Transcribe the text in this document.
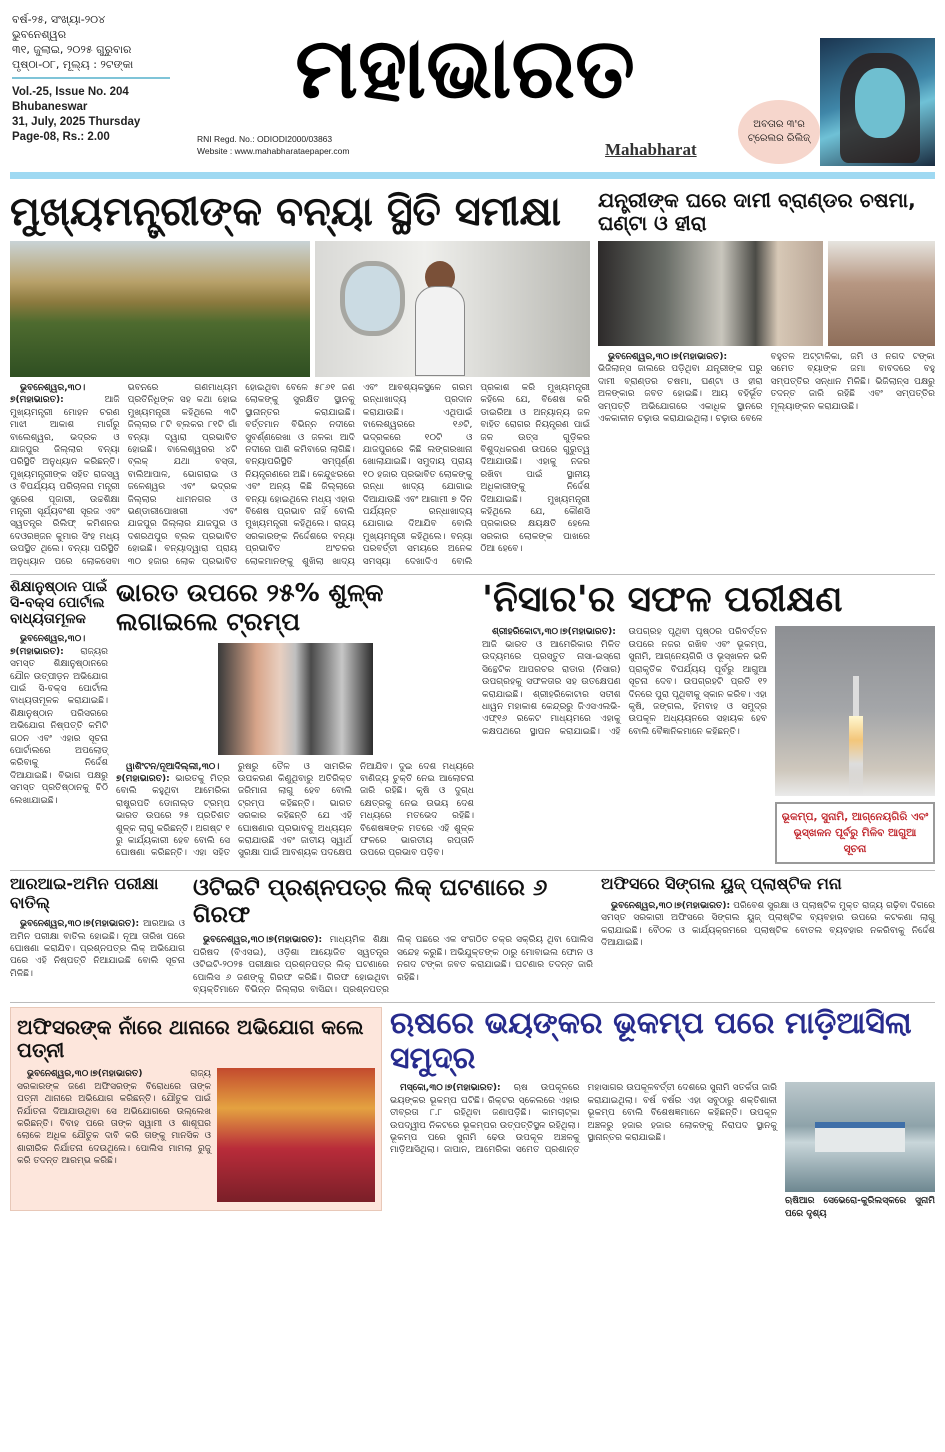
ବର୍ଷ-୨୫, ସଂଖ୍ୟା-୨୦୪
ଭୁବନେଶ୍ୱର
୩୧, ଜୁଲାଇ, ୨୦୨୫ ଗୁରୁବାର
ପୃଷ୍ଠା-୦୮, ମୂଲ୍ୟ : ୨ଟଙ୍କା
Vol.-25, Issue No. 204
Bhubaneswar
31, July, 2025 Thursday
Page-08, Rs.: 2.00
ମହାଭାରତ
RNI Regd. No.: ODIODI2000/03863
Website : www.mahabharataepaper.com	Mahabharat
ଅବତାର ୩'ର ଟ୍ରେଲର ରିଲିଜ୍
ମୁଖ୍ୟମନ୍ତ୍ରୀଙ୍କ ବନ୍ୟା ସ୍ଥିତି ସମୀକ୍ଷା

ଭୁବନେଶ୍ୱର,୩୦।୭(ମହାଭାରତ):	ଆଜି ମୁଖ୍ୟମନ୍ତ୍ରୀ ମୋହନ ଚରଣ ମାଝୀ ଆକାଶ ମାର୍ଗରୁ ବାଲେଶ୍ୱର, ଭଦ୍ରକ ଓ ଯାଜପୁର ଜିଲ୍ଲାର ବନ୍ୟା ପରିସ୍ଥିତି ଅନୁଧ୍ୟାନ କରିଛନ୍ତି। ମୁଖ୍ୟମନ୍ତ୍ରୀଙ୍କ ସହିତ ରାଜସ୍ୱ ଓ ବିପର୍ଯ୍ୟୟ ପରିଚାଳନା ମନ୍ତ୍ରୀ ସୁରେଶ ପୂଜାରୀ, ଉଚ୍ଚଶିକ୍ଷା ମନ୍ତ୍ରୀ ସୂର୍ଯ୍ୟବଂଶୀ ସୂରଜ ଏବଂ ସ୍ୱତନ୍ତ୍ର ରିଲିଫ୍ କମିଶନର ଦେଓରଞ୍ଜନ କୁମାର ସିଂହ ମଧ୍ୟ ଉପସ୍ଥିତ ଥିଲେ। ବନ୍ୟା ପରିସ୍ଥିତି ଅନୁଧ୍ୟାନ ପରେ ଲୋକସେବା ଭବନରେ ଗଣମାଧ୍ୟମ ପ୍ରତିନିଧିଙ୍କ ସହ କଥା ହୋଇ ମୁଖ୍ୟମନ୍ତ୍ରୀ କହିଥିଲେ ୩ଟି ଜିଲ୍ଲାର ୮ଟି ବ୍ଲକର ୮୧ଟି ଗାଁ ବନ୍ୟା ଦ୍ୱାରା ପ୍ରଭାବିତ ହୋଇଛି। ବାଲେଶ୍ୱରର ୪ଟି ବ୍ଲକ୍ ଯଥା ବସ୍ତା, ବାଲିଆପାଳ, ଭୋଗରାଇ ଓ ଜଳେଶ୍ୱର ଏବଂ ଭଦ୍ରକ ଜିଲ୍ଲାର ଧାମନଗର ଓ ଭଣ୍ଡାରୀପୋଖରୀ ଏବଂ ଯାଜପୁର ଜିଲ୍ଲାର ଯାଜପୁର ଓ ଦଶରଥପୁର ବ୍ଲକ ପ୍ରଭାବିତ ହୋଇଛି। ବନ୍ୟାଦ୍ୱାରା ପ୍ରାୟ ୩୦ ହଜାର ଲୋକ ପ୍ରଭାବିତ ହୋଇଥିବା ବେଳେ ୫୮୬୧ ଜଣ ଲୋକଙ୍କୁ ସୁରକ୍ଷିତ ସ୍ଥାନକୁ ସ୍ଥାନାନ୍ତର କରାଯାଇଛି। ବର୍ତ୍ତମାନ ବିଭିନ୍ନ ନଦୀରେ ସୁବର୍ଣ୍ଣରେଖା ଓ ଜଳକା ଆଦି ନଦୀରେ ପାଣି କମିବାରେ ଲାଗିଛି। ବନ୍ୟାପରିସ୍ଥିତି ସମ୍ପୂର୍ଣ୍ଣ ନିୟନ୍ତ୍ରଣରେ ଅଛି। କେନ୍ଦୁଝରରେ ଏବଂ ଅନ୍ୟ କିଛି ଜିଲ୍ଲାରେ ବନ୍ୟା ହୋଇଥିଲେ ମଧ୍ୟ ଏହାର ବିଶେଷ ପ୍ରଭାବ ନାହିଁ ବୋଲି ମୁଖ୍ୟମନ୍ତ୍ରୀ କହିଥିଲେ। ରାଜ୍ୟ ସରକାରଙ୍କ ନିର୍ଦ୍ଦେଶରେ ବନ୍ୟା ପ୍ରଭାବିତ ଅଂଚଳର ଲୋକମାନଙ୍କୁ ଶୁଖିଲା ଖାଦ୍ୟ ଏବଂ ଆବଶ୍ୟକସ୍ଥଳେ ଗରମ ରନ୍ଧାଖାଦ୍ୟ ପ୍ରଦାନ କରାଯାଉଛି। ଏଥିପାଇଁ ବାଲେଶ୍ୱରରେ ୧୬ଟି, ଭଦ୍ରକରେ ୧୦ଟି ଓ ଯାଜପୁରରେ କିଛି ଲଙ୍ଗରଖାନା ଖୋଲାଯାଇଛି। ସମୁଦାୟ ପ୍ରାୟ ୧୦ ହଜାର ପ୍ରଭାବିତ ଲୋକଙ୍କୁ ରନ୍ଧା ଖାଦ୍ୟ ଯୋଗାଇ ଦିଆଯାଉଛି ଏବଂ ଆଗାମୀ ୭ ଦିନ ପର୍ଯ୍ୟନ୍ତ ରନ୍ଧାଖାଦ୍ୟ ଯୋଗାଇ ଦିଆଯିବ ବୋଲି ମୁଖ୍ୟମନ୍ତ୍ରୀ କହିଥିଲେ। ବନ୍ୟା ପରବର୍ତ୍ତୀ ସମୟରେ ଅନେକ ସମସ୍ୟା ଦେଖାଦିଏ ବୋଲି ପ୍ରକାଶ କରି ମୁଖ୍ୟମନ୍ତ୍ରୀ କହିଲେ ଯେ, ବିଶେଷ କରି ଡାଇରିଆ ଓ ଅନ୍ୟାନ୍ୟ ଜଳ ବାହିତ ରୋଗର ନିୟନ୍ତ୍ରଣ ପାଇଁ ଜଳ ଉତ୍ସ ଗୁଡ଼ିକର ବିଶୁଦ୍ଧକରଣ ଉପରେ ଗୁରୁତ୍ୱ ଦିଆଯାଉଛି। ଏହାକୁ ନଜର ରଖିବା ପାଇଁ ସ୍ଥାନୀୟ ଅଧିକାରୀଙ୍କୁ ନିର୍ଦ୍ଦେଶ ଦିଆଯାଇଛି। ମୁଖ୍ୟମନ୍ତ୍ରୀ କହିଥିଲେ ଯେ, କୌଣସି ପ୍ରକାରର କ୍ଷୟକ୍ଷତି ହେଲେ ସରକାର ଲୋକଙ୍କ ପାଖରେ ଠିଆ ହେବେ।

ଯନ୍ତ୍ରୀଙ୍କ ଘରେ ଦାମୀ ବ୍ରାଣ୍ଡର ଚଷମା, ଘଣ୍ଟା ଓ ହୀରା

ଭୁବନେଶ୍ୱର,୩୦।୭(ମହାଭାରତ): ଭିଜିଲାନ୍ସ ଜାଲରେ ପଡ଼ିଥିବା ଯନ୍ତ୍ରୀଙ୍କ ଘରୁ ଦାମୀ ବ୍ରାଣ୍ଡର ଚଷମା, ଘଣ୍ଟା ଓ ହୀରା ଅଳଙ୍କାର ଜବତ ହୋଇଛି। ଆୟ ବହିର୍ଭୂତ ସମ୍ପତ୍ତି ଅଭିଯୋଗରେ ଏକାଧିକ ସ୍ଥାନରେ ଏକକାଳୀନ ଚଢ଼ାଉ କରାଯାଇଥିଲା। ଚଢ଼ାଉ ବେଳେ ବହୁତଳ ଅଟ୍ଟାଳିକା, ଜମି ଓ ନଗଦ ଟଙ୍କା ସମେତ ବ୍ୟାଙ୍କ ଜମା ବାବଦରେ ବହୁ ସମ୍ପତ୍ତିର ସନ୍ଧାନ ମିଳିଛି। ଭିଜିଲାନ୍ସ ପକ୍ଷରୁ ତଦନ୍ତ ଜାରି ରହିଛି ଏବଂ ସମ୍ପତ୍ତିର ମୂଲ୍ୟାଙ୍କନ କରାଯାଉଛି।

ଶିକ୍ଷାନୁଷ୍ଠାନ ପାଇଁ ସି-ବକ୍ସ ପୋର୍ଟାଲ ବାଧ୍ୟତାମୂଳକ

ଭୁବନେଶ୍ୱର,୩୦।୭(ମହାଭାରତ): ରାଜ୍ୟର ସମସ୍ତ ଶିକ୍ଷାନୁଷ୍ଠାନରେ ଯୌନ ଉତ୍ପୀଡ଼ନ ଅଭିଯୋଗ ପାଇଁ ସି-ବକ୍ସ ପୋର୍ଟାଲ ବାଧ୍ୟତାମୂଳକ କରାଯାଇଛି। ଶିକ୍ଷାନୁଷ୍ଠାନ ପରିସରରେ ଅଭିଯୋଗ ନିଷ୍ପତ୍ତି କମିଟି ଗଠନ ଏବଂ ଏହାର ସୂଚନା ପୋର୍ଟାଲରେ ଅପଲୋଡ୍ କରିବାକୁ ନିର୍ଦ୍ଦେଶ ଦିଆଯାଇଛି। ବିଭାଗ ପକ୍ଷରୁ ସମସ୍ତ ପ୍ରତିଷ୍ଠାନକୁ ଚିଠି ଲେଖାଯାଇଛି।

ଭାରତ ଉପରେ ୨୫% ଶୁଳ୍କ ଲଗାଇଲେ ଟ୍ରମ୍ପ

ୱାଶିଂଟନ/ନୂଆଦିଲ୍ଲୀ,୩୦।୭(ମହାଭାରତ): ଭାରତକୁ ମିତ୍ର ବୋଲି କହୁଥିବା ଆମେରିକା ରାଷ୍ଟ୍ରପତି ଡୋନାଲ୍ଡ ଟ୍ରମ୍ପ ଭାରତ ଉପରେ ୨୫ ପ୍ରତିଶତ ଶୁଳ୍କ ଲାଗୁ କରିଛନ୍ତି। ଅଗଷ୍ଟ ୧ ରୁ କାର୍ଯ୍ୟକାରୀ ହେବ ବୋଲି ସେ ଘୋଷଣା କରିଛନ୍ତି। ଏହା ସହିତ ରୁଷରୁ ତୈଳ ଓ ସାମରିକ ଉପକରଣ କିଣୁଥିବାରୁ ଅତିରିକ୍ତ ଜରିମାନା ଲାଗୁ ହେବ ବୋଲି ଟ୍ରମ୍ପ କହିଛନ୍ତି। ଭାରତ ସରକାର କହିଛନ୍ତି ଯେ ଏହି ଘୋଷଣାର ପ୍ରଭାବକୁ ଅଧ୍ୟୟନ କରାଯାଉଛି ଏବଂ ଜାତୀୟ ସ୍ୱାର୍ଥ ସୁରକ୍ଷା ପାଇଁ ଆବଶ୍ୟକ ପଦକ୍ଷେପ ନିଆଯିବ। ଦୁଇ ଦେଶ ମଧ୍ୟରେ ବାଣିଜ୍ୟ ଚୁକ୍ତି ନେଇ ଆଲୋଚନା ଜାରି ରହିଛି। କୃଷି ଓ ଦୁଗ୍ଧ କ୍ଷେତ୍ରକୁ ନେଇ ଉଭୟ ଦେଶ ମଧ୍ୟରେ ମତଭେଦ ରହିଛି। ବିଶେଷଜ୍ଞଙ୍କ ମତରେ ଏହି ଶୁଳ୍କ ଫଳରେ ଭାରତୀୟ ରପ୍ତାନି ଉପରେ ପ୍ରଭାବ ପଡ଼ିବ।

'ନିସାର'ର ସଫଳ ପରୀକ୍ଷଣ

ଶ୍ରୀହରିକୋଟା,୩୦।୭(ମହାଭାରତ): ଆଜି ଭାରତ ଓ ଆମେରିକାର ମିଳିତ ଉଦ୍ୟମରେ ପ୍ରସ୍ତୁତ ନାସା-ଇସ୍ରୋ ସିନ୍ଥେଟିକ ଆପରଚର ରାଡାର (ନିସାର) ଉପଗ୍ରହକୁ ସଫଳତାର ସହ ଉତକ୍ଷେପଣ କରାଯାଇଛି। ଶ୍ରୀହରିକୋଟାର ସତୀଶ ଧାୱନ ମହାକାଶ କେନ୍ଦ୍ରରୁ ଜିଏସଏଲଭି-ଏଫ୍୧୬ ରକେଟ ମାଧ୍ୟମରେ ଏହାକୁ କକ୍ଷପଥରେ ସ୍ଥାପନ କରାଯାଇଛି। ଏହି ଉପଗ୍ରହ ପୃଥିବୀ ପୃଷ୍ଠର ପରିବର୍ତ୍ତନ ଉପରେ ନଜର ରଖିବ ଏବଂ ଭୂକମ୍ପ, ସୁନାମି, ଆଗ୍ନେୟଗିରି ଓ ଭୂସ୍ଖଳନ ଭଳି ପ୍ରାକୃତିକ ବିପର୍ଯ୍ୟୟ ପୂର୍ବରୁ ଆଗୁଆ ସୂଚନା ଦେବ। ଉପଗ୍ରହଟି ପ୍ରତି ୧୨ ଦିନରେ ପୁରା ପୃଥିବୀକୁ ସ୍କାନ କରିବ। ଏହା କୃଷି, ଜଙ୍ଗଲ, ହିମବାହ ଓ ସମୁଦ୍ର ଉପକୂଳ ଅଧ୍ୟୟନରେ ସହାୟକ ହେବ ବୋଲି ବୈଜ୍ଞାନିକମାନେ କହିଛନ୍ତି।

ଭୂକମ୍ପ, ସୁନାମି, ଆଗ୍ନେୟଗିରି ଏବଂ ଭୂସ୍ଖଳନ ପୂର୍ବରୁ ମିଳିବ ଆଗୁଆ ସୂଚନା
ଆରଆଇ-ଅମିନ ପରୀକ୍ଷା ବାତିଲ୍

ଭୁବନେଶ୍ୱର,୩୦।୭(ମହାଭାରତ): ଆରଆଇ ଓ ଅମିନ ପରୀକ୍ଷା ବାତିଲ ହୋଇଛି। ନୂଆ ତାରିଖ ପରେ ଘୋଷଣା କରାଯିବ। ପ୍ରଶ୍ନପତ୍ର ଲିକ୍ ଅଭିଯୋଗ ପରେ ଏହି ନିଷ୍ପତ୍ତି ନିଆଯାଇଛି ବୋଲି ସୂଚନା ମିଳିଛି।

ଓଟିଇଟି ପ୍ରଶ୍ନପତ୍ର ଲିକ୍ ଘଟଣାରେ ୬ ଗିରଫ

ଭୁବନେଶ୍ୱର,୩୦।୭(ମହାଭାରତ): ମାଧ୍ୟମିକ ଶିକ୍ଷା ପରିଷଦ (ବିଏସଇ), ଓଡ଼ିଶା ଆୟୋଜିତ ସ୍ୱତନ୍ତ୍ର ଓଟିଇଟି-୨୦୨୫ ପରୀକ୍ଷାର ପ୍ରଶ୍ନପତ୍ର ଲିକ୍ ଘଟଣାରେ ପୋଲିସ ୬ ଜଣଙ୍କୁ ଗିରଫ କରିଛି। ଗିରଫ ହୋଇଥିବା ବ୍ୟକ୍ତିମାନେ ବିଭିନ୍ନ ଜିଲ୍ଲାର ବାସିନ୍ଦା। ପ୍ରଶ୍ନପତ୍ର ଲିକ୍ ପଛରେ ଏକ ସଂଗଠିତ ଚକ୍ର ସକ୍ରିୟ ଥିବା ପୋଲିସ ସନ୍ଦେହ କରୁଛି। ଅଭିଯୁକ୍ତଙ୍କ ଠାରୁ ମୋବାଇଲ ଫୋନ ଓ ନଗଦ ଟଙ୍କା ଜବତ କରାଯାଇଛି। ଘଟଣାର ତଦନ୍ତ ଜାରି ରହିଛି।

ଅଫିସରେ ସିଙ୍ଗଲ ୟୁଜ୍ ପ୍ଲାଷ୍ଟିକ ମନା

ଭୁବନେଶ୍ୱର,୩୦।୭(ମହାଭାରତ): ପରିବେଶ ସୁରକ୍ଷା ଓ ପ୍ଲାଷ୍ଟିକ ମୁକ୍ତ ରାଜ୍ୟ ଗଢ଼ିବା ଦିଗରେ ସମସ୍ତ ସରକାରୀ ଅଫିସରେ ସିଙ୍ଗଲ ୟୁଜ୍ ପ୍ଲାଷ୍ଟିକ ବ୍ୟବହାର ଉପରେ କଟକଣା ଲାଗୁ କରାଯାଇଛି। ବୈଠକ ଓ କାର୍ଯ୍ୟକ୍ରମରେ ପ୍ଲାଷ୍ଟିକ ବୋତଲ ବ୍ୟବହାର ନକରିବାକୁ ନିର୍ଦ୍ଦେଶ ଦିଆଯାଇଛି।

ଅଫିସରଙ୍କ ନାଁରେ ଥାନାରେ ଅଭିଯୋଗ କଲେ ପତ୍ନୀ

ଭୁବନେଶ୍ୱର,୩୦।୭(ମହାଭାରତ)	ରାଜ୍ୟ ସରକାରଙ୍କ ଜଣେ ଅଫିସରଙ୍କ ବିରୋଧରେ ତାଙ୍କ ପତ୍ନୀ ଥାନାରେ ଅଭିଯୋଗ କରିଛନ୍ତି। ଯୌତୁକ ପାଇଁ ନିର୍ଯାତନା ଦିଆଯାଉଥିବା ସେ ଅଭିଯୋଗରେ ଉଲ୍ଲେଖ କରିଛନ୍ତି। ବିବାହ ପରେ ତାଙ୍କ ସ୍ୱାମୀ ଓ ଶାଶୂଘର ଲୋକେ ଅଧିକ ଯୌତୁକ ଦାବି କରି ତାଙ୍କୁ ମାନସିକ ଓ ଶାରୀରିକ ନିର୍ଯାତନା ଦେଉଥିଲେ। ପୋଲିସ ମାମଲା ରୁଜୁ କରି ତଦନ୍ତ ଆରମ୍ଭ କରିଛି।

ଋଷରେ ଭୟଙ୍କର ଭୂକମ୍ପ ପରେ ମାଡ଼ିଆସିଲା ସମୁଦ୍ର

ମସ୍କୋ,୩୦।୭(ମହାଭାରତ): ଋଷ ଉପକୂଳରେ ଭୟଙ୍କର ଭୂକମ୍ପ ଘଟିଛି। ରିକ୍ଟର ସ୍କେଲରେ ଏହାର ତୀବ୍ରତା ୮.୮ ରହିଥିବା ଜଣାପଡ଼ିଛି। କାମଚାଟ୍କା ଉପଦ୍ୱୀପ ନିକଟରେ ଭୂକମ୍ପର ଉତ୍ପତ୍ତିସ୍ଥଳ ରହିଥିଲା। ଭୂକମ୍ପ ପରେ ସୁନାମି ଢେଉ ଉପକୂଳ ଅଞ୍ଚଳକୁ ମାଡ଼ିଆସିଥିଲା। ଜାପାନ, ଆମେରିକା ସମେତ ପ୍ରଶାନ୍ତ ମହାସାଗର ଉପକୂଳବର୍ତ୍ତୀ ଦେଶରେ ସୁନାମି ସତର୍କତା ଜାରି କରାଯାଇଥିଲା। ବର୍ଷ ବର୍ଷର ଏହା ସବୁଠାରୁ ଶକ୍ତିଶାଳୀ ଭୂକମ୍ପ ବୋଲି ବିଶେଷଜ୍ଞମାନେ କହିଛନ୍ତି। ଉପକୂଳ ଅଞ୍ଚଳରୁ ହଜାର ହଜାର ଲୋକଙ୍କୁ ନିରାପଦ ସ୍ଥାନକୁ ସ୍ଥାନାନ୍ତର କରାଯାଇଛି।

ଋଷିଆର ସେଭେରୋ-କୁରିଲସ୍କରେ ସୁନାମି ପରେ ଦୃଶ୍ୟ
